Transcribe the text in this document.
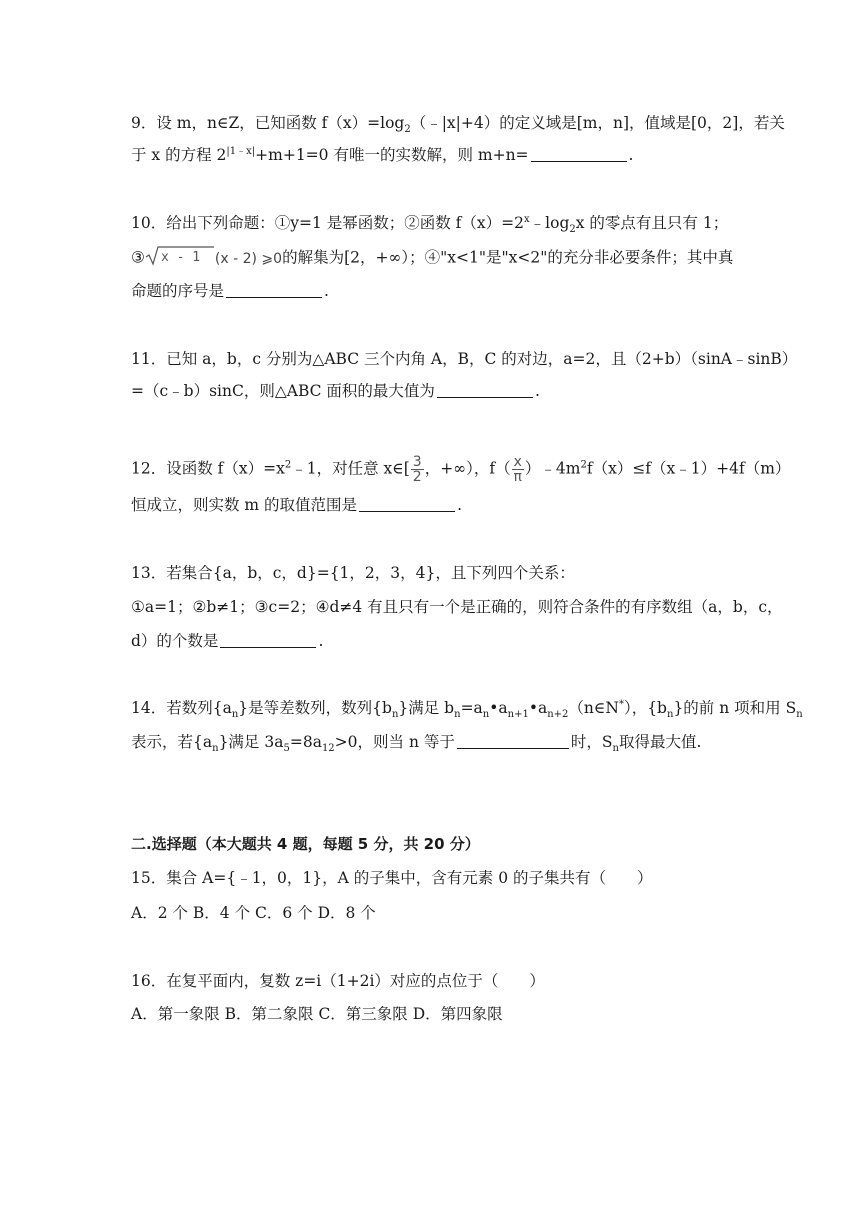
9．设 m，n∈Z，已知函数 $f(x)=\log_2(﹣|x|+4)$的定义域是[m，n]，值域是[0，2]，若关
于 x 的方程 $2^{|1﹣x|}+m+1=0$ 有唯一的实数解，则 m+n=	.
10．给出下列命题：①y=1 是幂函数；②函数 $f(x)=2^x﹣\log_2x$ 的零点有且只有 1；
③ x - 1 (x - 2) ⩾0的解集为[2，+∞）；④"x<1"是"x<2"的充分非必要条件；其中真
命题的序号是	.
11．已知 a，b，c 分别为△ABC 三个内角 A，B，C 的对边，a=2，且（2+b）（sinA﹣sinB）
=（c﹣b）sinC，则△ABC 面积的最大值为	.
12．设函数 $f(x)=x^2﹣1$，对任意 x∈[ $\frac{3}{2}$ ，+∞），$f( \frac{x}{\pi}$ ）$﹣4m^2f(x)\le f(x﹣1)+4f(m)$
恒成立，则实数 m 的取值范围是	.
13．若集合{a，b，c，d}={1，2，3，4}，且下列四个关系：
①a=1；②b≠1；③c=2；④d≠4 有且只有一个是正确的，则符合条件的有序数组（a，b，c，
d）的个数是	.
14．若数列$\{a_n\}$是等差数列，数列$\{b_n\}$满足 $b_n=a_n•a_{n+1}•a_{n+2}(n\in N^*)$，$\{b_n\}$的前 n 项和用 $S_n$
表示，若$\{a_n\}$满足 $3a_5=8a_{12}>0$，则当 n 等于	时，$S_n$取得最大值.
二.选择题（本大题共 4 题，每题 5 分，共 20 分）
15．集合 A={﹣1，0，1}，A 的子集中，含有元素 0 的子集共有（　　）
A．2 个 B．4 个 C．6 个 D．8 个
16．在复平面内，复数 z=i（1+2i）对应的点位于（　　）
A．第一象限 B．第二象限 C．第三象限 D．第四象限
